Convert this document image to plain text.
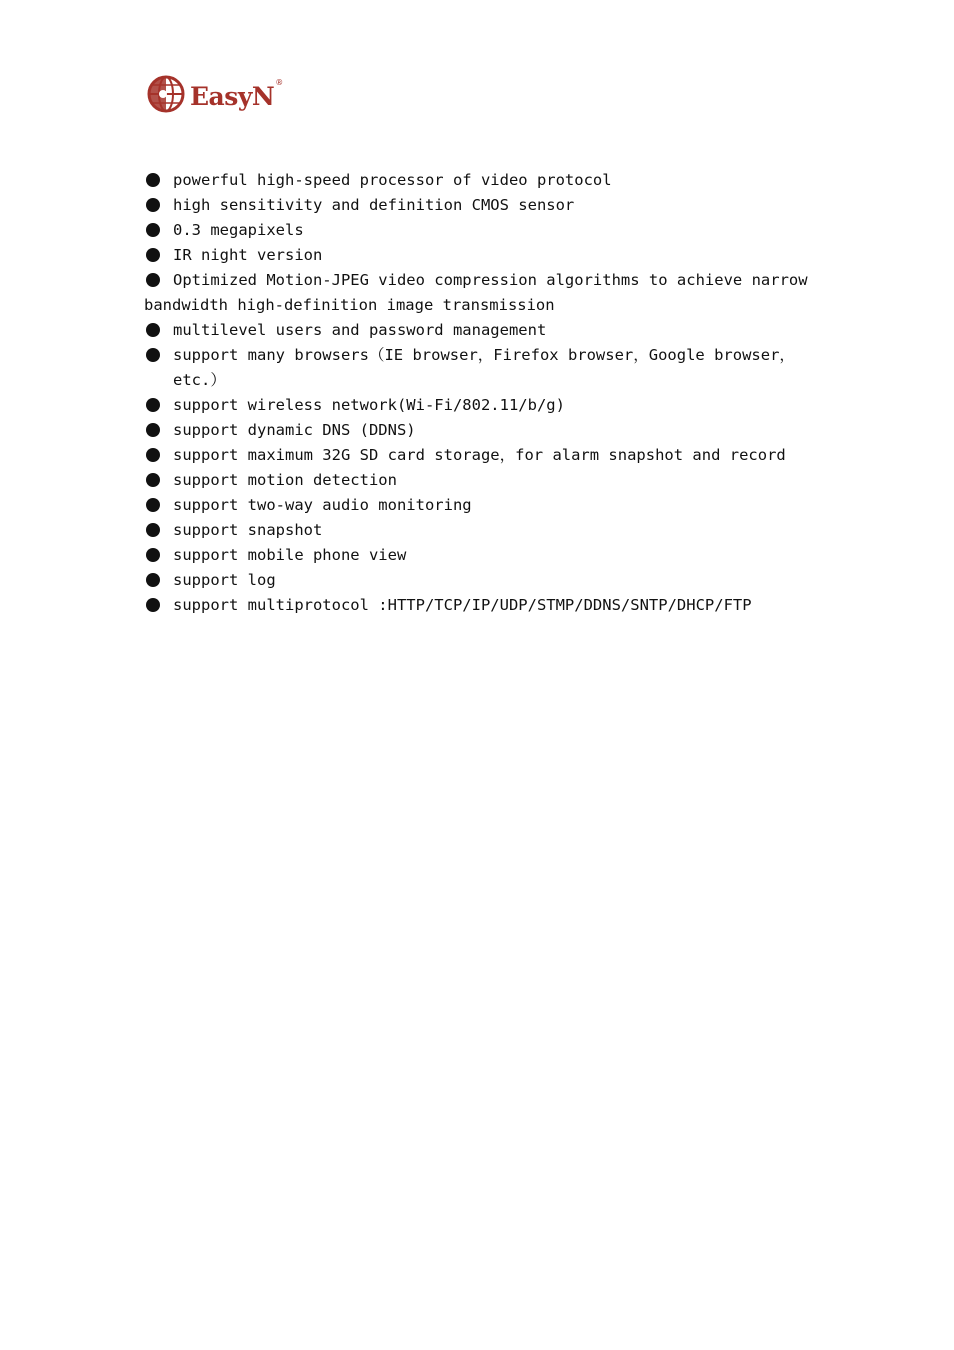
EasyN ®
powerful high-speed processor of video protocol
high sensitivity and definition CMOS sensor
0.3 megapixels
IR night version
Optimized Motion-JPEG video compression algorithms to achieve narrow
bandwidth high-definition image transmission
multilevel users and password management
support many browsers（IE browser，Firefox browser，Google browser，etc.）
support wireless network(Wi-Fi/802.11/b/g)
support dynamic DNS (DDNS)
support maximum 32G SD card storage，for alarm snapshot and record
support motion detection
support two-way audio monitoring
support snapshot
support mobile phone view
support log
support multiprotocol :HTTP/TCP/IP/UDP/STMP/DDNS/SNTP/DHCP/FTP
